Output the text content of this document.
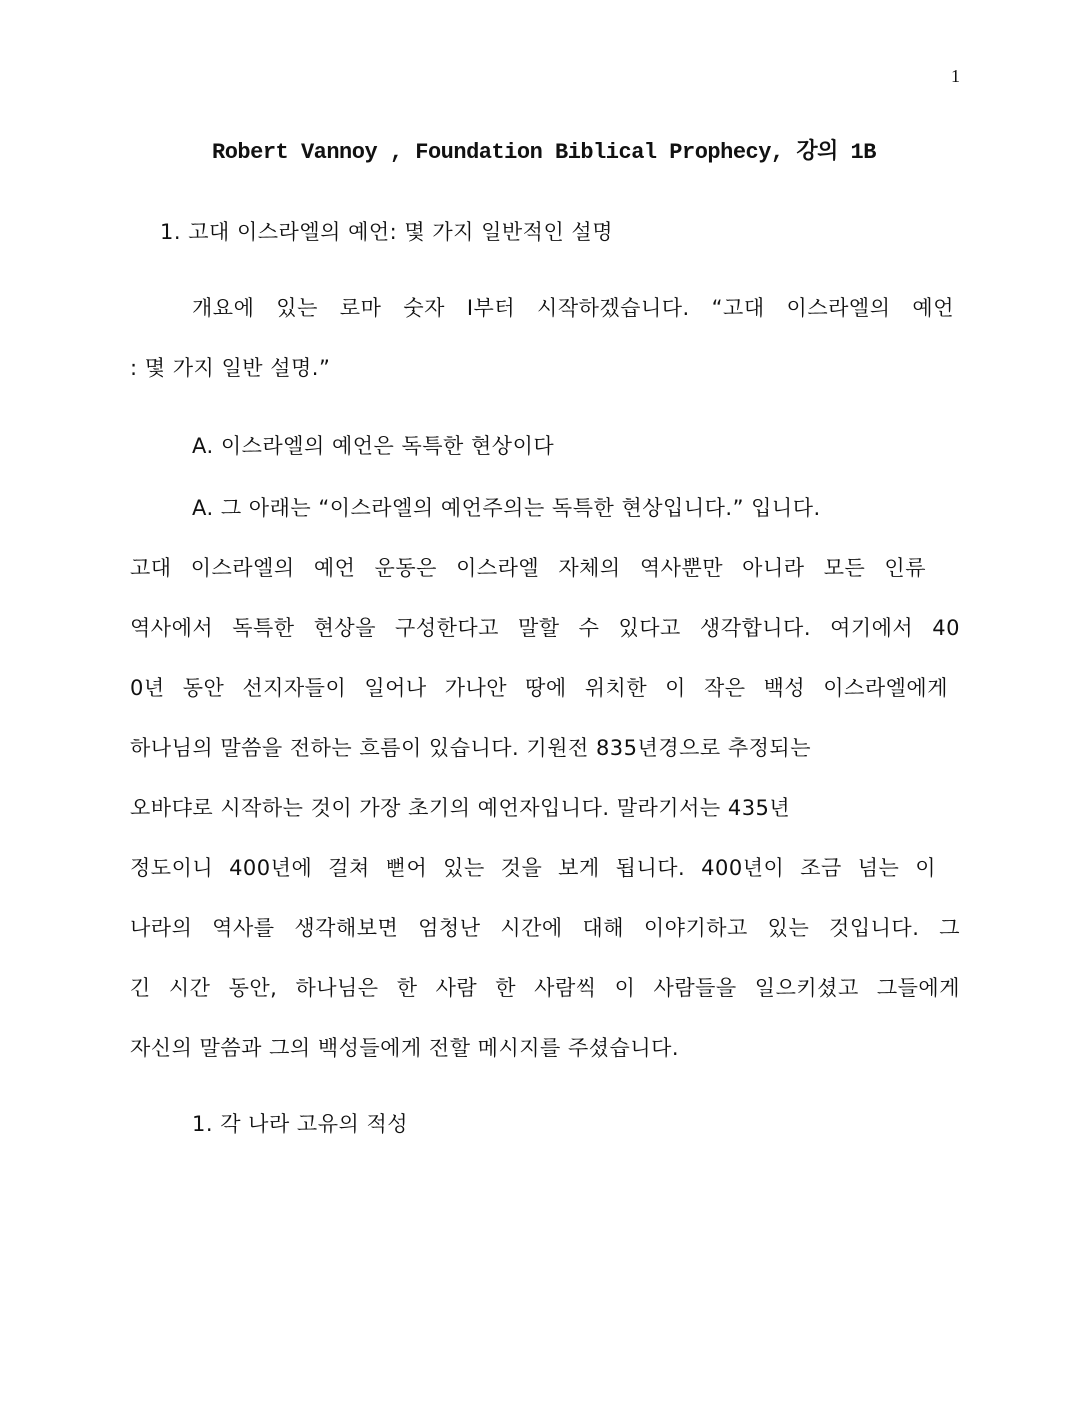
1
Robert Vannoy , Foundation Biblical Prophecy, 강의 1B
1. 고대 이스라엘의 예언: 몇 가지 일반적인 설명
개요에 있는 로마 숫자 I부터 시작하겠습니다. “고대 이스라엘의 예언
: 몇 가지 일반 설명.”
A. 이스라엘의 예언은 독특한 현상이다
A. 그 아래는 “이스라엘의 예언주의는 독특한 현상입니다.” 입니다.
고대 이스라엘의 예언 운동은 이스라엘 자체의 역사뿐만 아니라 모든 인류
역사에서 독특한 현상을 구성한다고 말할 수 있다고 생각합니다. 여기에서 40
0년 동안 선지자들이 일어나 가나안 땅에 위치한 이 작은 백성 이스라엘에게
하나님의 말씀을 전하는 흐름이 있습니다. 기원전 835년경으로 추정되는
오바댜로 시작하는 것이 가장 초기의 예언자입니다. 말라기서는 435년
정도이니 400년에 걸쳐 뻗어 있는 것을 보게 됩니다. 400년이 조금 넘는 이
나라의 역사를 생각해보면 엄청난 시간에 대해 이야기하고 있는 것입니다. 그
긴 시간 동안, 하나님은 한 사람 한 사람씩 이 사람들을 일으키셨고 그들에게
자신의 말씀과 그의 백성들에게 전할 메시지를 주셨습니다.
1. 각 나라 고유의 적성
